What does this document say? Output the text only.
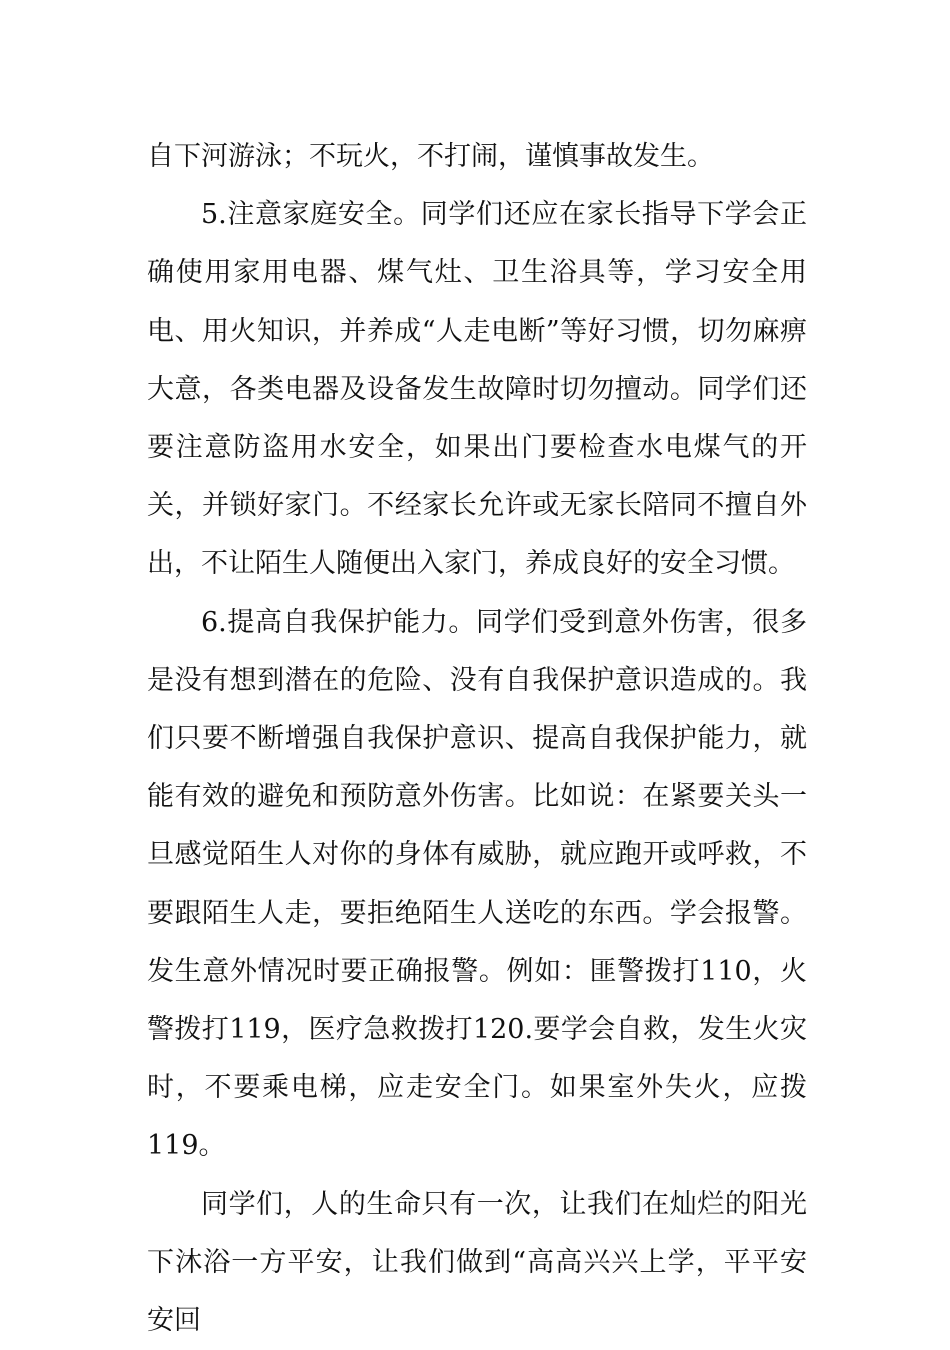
自下河游泳；不玩火，不打闹，谨慎事故发生。

5.注意家庭安全。同学们还应在家长指导下学会正确使用家用电器、煤气灶、卫生浴具等，学习安全用电、用火知识，并养成“人走电断”等好习惯，切勿麻痹大意，各类电器及设备发生故障时切勿擅动。同学们还要注意防盗用水安全，如果出门要检查水电煤气的开关，并锁好家门。不经家长允许或无家长陪同不擅自外出，不让陌生人随便出入家门，养成良好的安全习惯。

6.提高自我保护能力。同学们受到意外伤害，很多是没有想到潜在的危险、没有自我保护意识造成的。我们只要不断增强自我保护意识、提高自我保护能力，就能有效的避免和预防意外伤害。比如说：在紧要关头一旦感觉陌生人对你的身体有威胁，就应跑开或呼救，不要跟陌生人走，要拒绝陌生人送吃的东西。学会报警。发生意外情况时要正确报警。例如：匪警拨打110，火警拨打119，医疗急救拨打120.要学会自救，发生火灾时，不要乘电梯，应走安全门。如果室外失火，应拨119。

同学们，人的生命只有一次，让我们在灿烂的阳光下沐浴一方平安，让我们做到“高高兴兴上学，平平安安回
